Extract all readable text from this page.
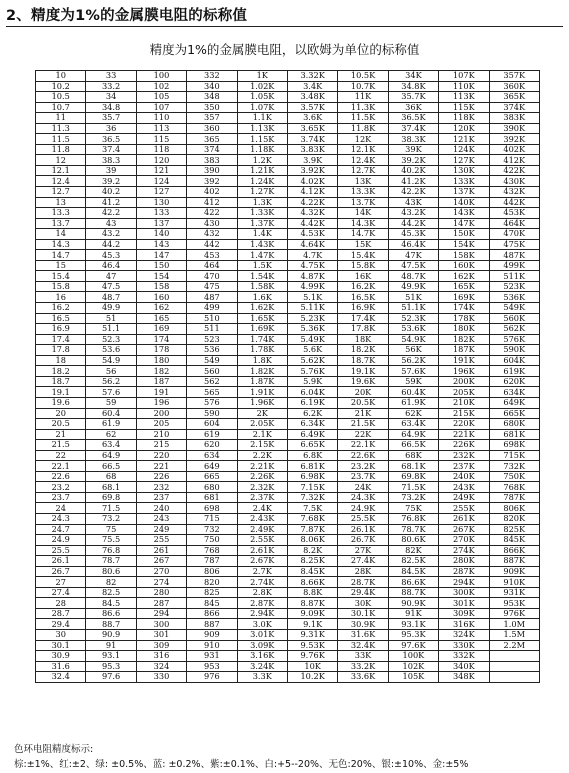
2、精度为1%的金属膜电阻的标称值
精度为1%的金属膜电阻，以欧姆为单位的标称值
10	33	100	332	1K	3.32K	10.5K	34K	107K	357K
10.2	33.2	102	340	1.02K	3.4K	10.7K	34.8K	110K	360K
10.5	34	105	348	1.05K	3.48K	11K	35.7K	113K	365K
10.7	34.8	107	350	1.07K	3.57K	11.3K	36K	115K	374K
11	35.7	110	357	1.1K	3.6K	11.5K	36.5K	118K	383K
11.3	36	113	360	1.13K	3.65K	11.8K	37.4K	120K	390K
11.5	36.5	115	365	1.15K	3.74K	12K	38.3K	121K	392K
11.8	37.4	118	374	1.18K	3.83K	12.1K	39K	124K	402K
12	38.3	120	383	1.2K	3.9K	12.4K	39.2K	127K	412K
12.1	39	121	390	1.21K	3.92K	12.7K	40.2K	130K	422K
12.4	39.2	124	392	1.24K	4.02K	13K	41.2K	133K	430K
12.7	40.2	127	402	1.27K	4.12K	13.3K	42.2K	137K	432K
13	41.2	130	412	1.3K	4.22K	13.7K	43K	140K	442K
13.3	42.2	133	422	1.33K	4.32K	14K	43.2K	143K	453K
13.7	43	137	430	1.37K	4.42K	14.3K	44.2K	147K	464K
14	43.2	140	432	1.4K	4.53K	14.7K	45.3K	150K	470K
14.3	44.2	143	442	1.43K	4.64K	15K	46.4K	154K	475K
14.7	45.3	147	453	1.47K	4.7K	15.4K	47K	158K	487K
15	46.4	150	464	1.5K	4.75K	15.8K	47.5K	160K	499K
15.4	47	154	470	1.54K	4.87K	16K	48.7K	162K	511K
15.8	47.5	158	475	1.58K	4.99K	16.2K	49.9K	165K	523K
16	48.7	160	487	1.6K	5.1K	16.5K	51K	169K	536K
16.2	49.9	162	499	1.62K	5.11K	16.9K	51.1K	174K	549K
16.5	51	165	510	1.65K	5.23K	17.4K	52.3K	178K	560K
16.9	51.1	169	511	1.69K	5.36K	17.8K	53.6K	180K	562K
17.4	52.3	174	523	1.74K	5.49K	18K	54.9K	182K	576K
17.8	53.6	178	536	1.78K	5.6K	18.2K	56K	187K	590K
18	54.9	180	549	1.8K	5.62K	18.7K	56.2K	191K	604K
18.2	56	182	560	1.82K	5.76K	19.1K	57.6K	196K	619K
18.7	56.2	187	562	1.87K	5.9K	19.6K	59K	200K	620K
19.1	57.6	191	565	1.91K	6.04K	20K	60.4K	205K	634K
19.6	59	196	576	1.96K	6.19K	20.5K	61.9K	210K	649K
20	60.4	200	590	2K	6.2K	21K	62K	215K	665K
20.5	61.9	205	604	2.05K	6.34K	21.5K	63.4K	220K	680K
21	62	210	619	2.1K	6.49K	22K	64.9K	221K	681K
21.5	63.4	215	620	2.15K	6.65K	22.1K	66.5K	226K	698K
22	64.9	220	634	2.2K	6.8K	22.6K	68K	232K	715K
22.1	66.5	221	649	2.21K	6.81K	23.2K	68.1K	237K	732K
22.6	68	226	665	2.26K	6.98K	23.7K	69.8K	240K	750K
23.2	68.1	232	680	2.32K	7.15K	24K	71.5K	243K	768K
23.7	69.8	237	681	2.37K	7.32K	24.3K	73.2K	249K	787K
24	71.5	240	698	2.4K	7.5K	24.9K	75K	255K	806K
24.3	73.2	243	715	2.43K	7.68K	25.5K	76.8K	261K	820K
24.7	75	249	732	2.49K	7.87K	26.1K	78.7K	267K	825K
24.9	75.5	255	750	2.55K	8.06K	26.7K	80.6K	270K	845K
25.5	76.8	261	768	2.61K	8.2K	27K	82K	274K	866K
26.1	78.7	267	787	2.67K	8.25K	27.4K	82.5K	280K	887K
26.7	80.6	270	806	2.7K	8.45K	28K	84.5K	287K	909K
27	82	274	820	2.74K	8.66K	28.7K	86.6K	294K	910K
27.4	82.5	280	825	2.8K	8.8K	29.4K	88.7K	300K	931K
28	84.5	287	845	2.87K	8.87K	30K	90.9K	301K	953K
28.7	86.6	294	866	2.94K	9.09K	30.1K	91K	309K	976K
29.4	88.7	300	887	3.0K	9.1K	30.9K	93.1K	316K	1.0M
30	90.9	301	909	3.01K	9.31K	31.6K	95.3K	324K	1.5M
30.1	91	309	910	3.09K	9.53K	32.4K	97.6K	330K	2.2M
30.9	93.1	316	931	3.16K	9.76K	33K	100K	332K	
31.6	95.3	324	953	3.24K	10K	33.2K	102K	340K	
32.4	97.6	330	976	3.3K	10.2K	33.6K	105K	348K	
色环电阻精度标示:
棕:±1%、红:±2、绿: ±0.5%、蓝: ±0.2%、紫:±0.1%、白:+5--20%、无色:20%、银:±10%、金:±5%
